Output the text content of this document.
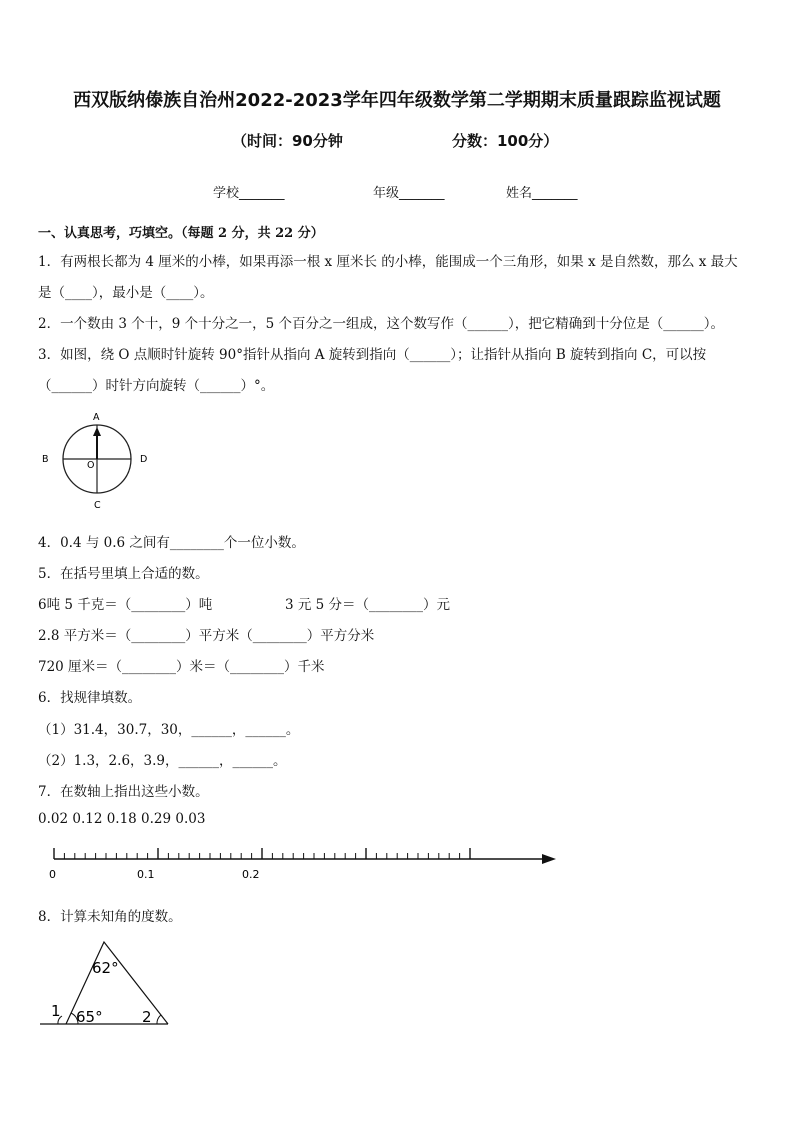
西双版纳傣族自治州2022-2023学年四年级数学第二学期期末质量跟踪监视试题
（时间：90分钟	分数：100分）
学校_______	年级_______	姓名_______
一、认真思考，巧填空。（每题 2 分，共 22 分）
1．有两根长都为 4 厘米的小棒，如果再添一根 x 厘米长 的小棒，能围成一个三角形，如果 x 是自然数，那么 x 最大
是（____），最小是（____）。
2．一个数由 3 个十，9 个十分之一，5 个百分之一组成，这个数写作（______），把它精确到十分位是（______）。
3．如图，绕 O 点顺时针旋转 90°指针从指向 A 旋转到指向（______）；让指针从指向 B 旋转到指向 C，可以按
（______）时针方向旋转（______）°。
A
B	D
C
O
4．0.4 与 0.6 之间有________个一位小数。
5．在括号里填上合适的数。
6吨 5 千克＝（________）吨	3 元 5 分＝（________）元
2.8 平方米＝（________）平方米（________）平方分米
720 厘米＝（________）米＝（________）千米
6．找规律填数。
（1）31.4，30.7，30，______，______。
（2）1.3，2.6，3.9，______，______。
7．在数轴上指出这些小数。
0.02 0.12 0.18 0.29 0.03
0	0.1	0.2
8．计算未知角的度数。
62°
65°
1	2
